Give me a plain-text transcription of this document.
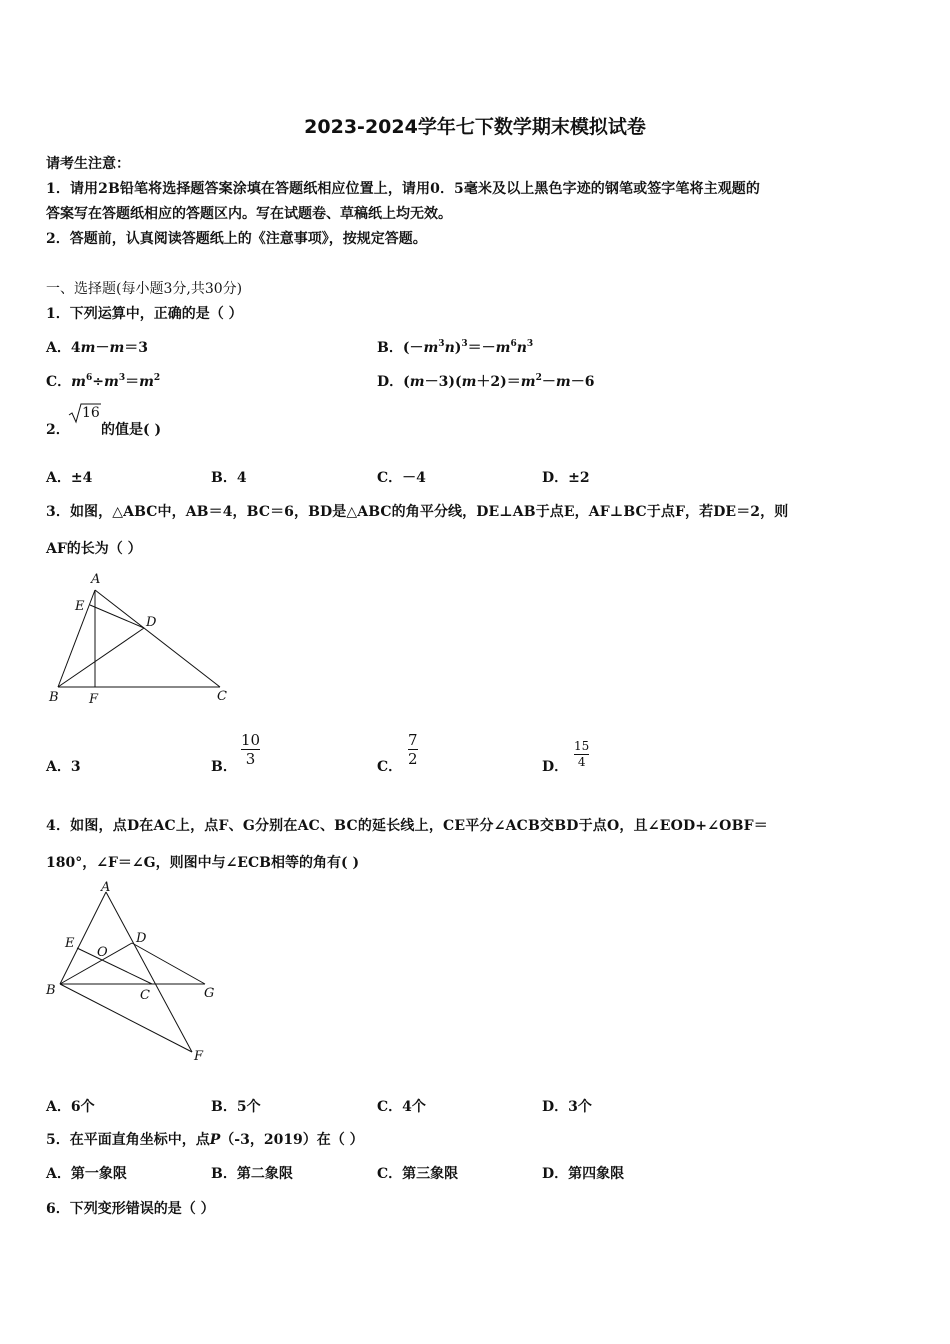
2023-2024学年七下数学期末模拟试卷
请考生注意：
1．请用2B铅笔将选择题答案涂填在答题纸相应位置上，请用0．5毫米及以上黑色字迹的钢笔或签字笔将主观题的
答案写在答题纸相应的答题区内。写在试题卷、草稿纸上均无效。
2．答题前，认真阅读答题纸上的《注意事项》，按规定答题。
一、选择题(每小题3分,共30分)
1．下列运算中，正确的是（ ）
A．4m－m＝3	B．$(-m^3n)^3=-m^6n^3$
C．$m^6\div m^3=m^2$	D．$(m-3)(m+2)=m^2-m-6$
2．
16
的值是( )
A．±4	B．4	C．－4	D．±2
3．如图，△ABC中，AB＝4，BC＝6，BD是△ABC的角平分线，DE⊥AB于点E，AF⊥BC于点F，若DE＝2，则
AF的长为（ ）
A
E
D
B F	C
A．3	B．
10
3	C．
7
2	D．
15
4
4．如图，点D在AC上，点F、G分别在AC、BC的延长线上，CE平分∠ACB交BD于点O，且∠EOD+∠OBF＝
180°，∠F＝∠G，则图中与∠ECB相等的角有( )
A
E
O
D
B	C	G
F
A．6个	B．5个	C．4个	D．3个
5．在平面直角坐标中，点P（-3，2019）在（ ）
A．第一象限	B．第二象限	C．第三象限	D．第四象限
6．下列变形错误的是（ ）
